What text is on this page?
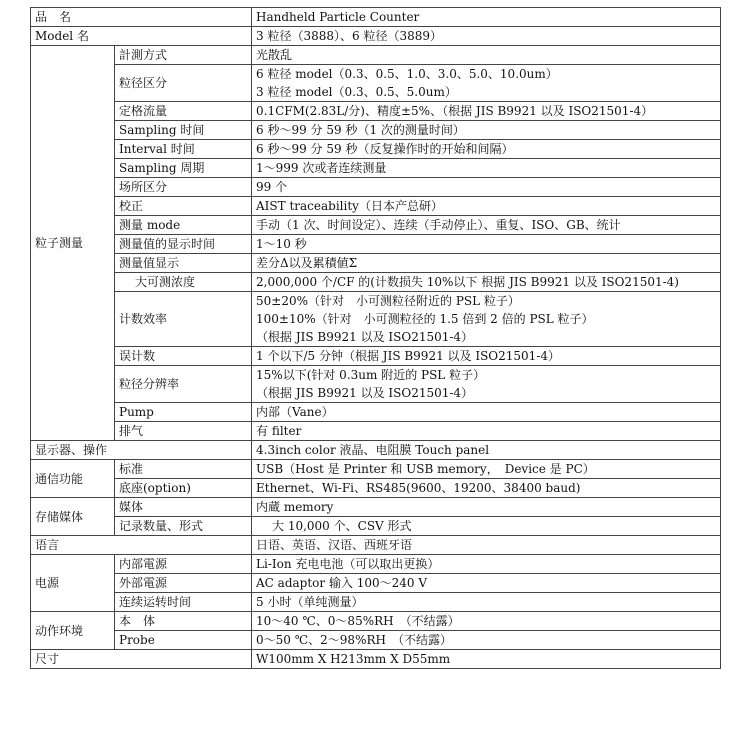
品　名		Handheld Particle Counter
Model 名		3 粒径（3888）、6 粒径（3889）
粒子测量	計測方式	光散乱
	粒径区分	6 粒径 model（0.3、0.5、1.0、3.0、5.0、10.0um）
3 粒径 model（0.3、0.5、5.0um）

	定格流量	0.1CFM(2.83L/分)、精度±5%、（根据 JIS B9921 以及 ISO21501-4）
	Sampling 时间	6 秒～99 分 59 秒（1 次的测量时间）
	Interval 时间	6 秒～99 分 59 秒（反复操作时的开始和间隔）
	Sampling 周期	1～999 次或者连续测量
	场所区分	99 个
	校正	AIST traceability（日本产总研）
	测量 mode	手动（1 次、时间设定）、连续（手动停止）、重复、ISO、GB、统计
	测量值的显示时间	1～10 秒
	测量值显示	差分Δ以及累積値Σ
	大可测浓度	2,000,000 个/CF 的(计数损失 10%以下 根据 JIS B9921 以及 ISO21501-4)
	计数效率	50±20%（针对　小可测粒径附近的 PSL 粒子）
100±10%（针对　小可测粒径的 1.5 倍到 2 倍的 PSL 粒子）
（根据 JIS B9921 以及 ISO21501-4）

	误计数	1 个以下/5 分钟（根据 JIS B9921 以及 ISO21501-4）
	粒径分辨率	15%以下(针对 0.3um 附近的 PSL 粒子）
（根据 JIS B9921 以及 ISO21501-4）

	Pump	内部（Vane）
	排气	有 filter
显示器、操作		4.3inch color 液晶、电阻膜 Touch panel
通信功能	标准	USB（Host 是 Printer 和 USB memory，　Device 是 PC）
	底座(option)	Ethernet、Wi-Fi、RS485(9600、19200、38400 baud)
存储媒体	媒体	内蔵 memory
	记录数量、形式	大 10,000 个、CSV 形式
语言		日语、英语、汉语、西班牙语
电源	内部電源	Li-Ion 充电电池（可以取出更换）
	外部電源	AC adaptor 输入 100～240 V
	连续运转时间	5 小时（单纯测量）
动作环境	本　体	10～40 ℃、0～85%RH　（不结露）
	Probe	0～50 ℃、2～98%RH　（不结露）
尺寸		W100mm X H213mm X D55mm
